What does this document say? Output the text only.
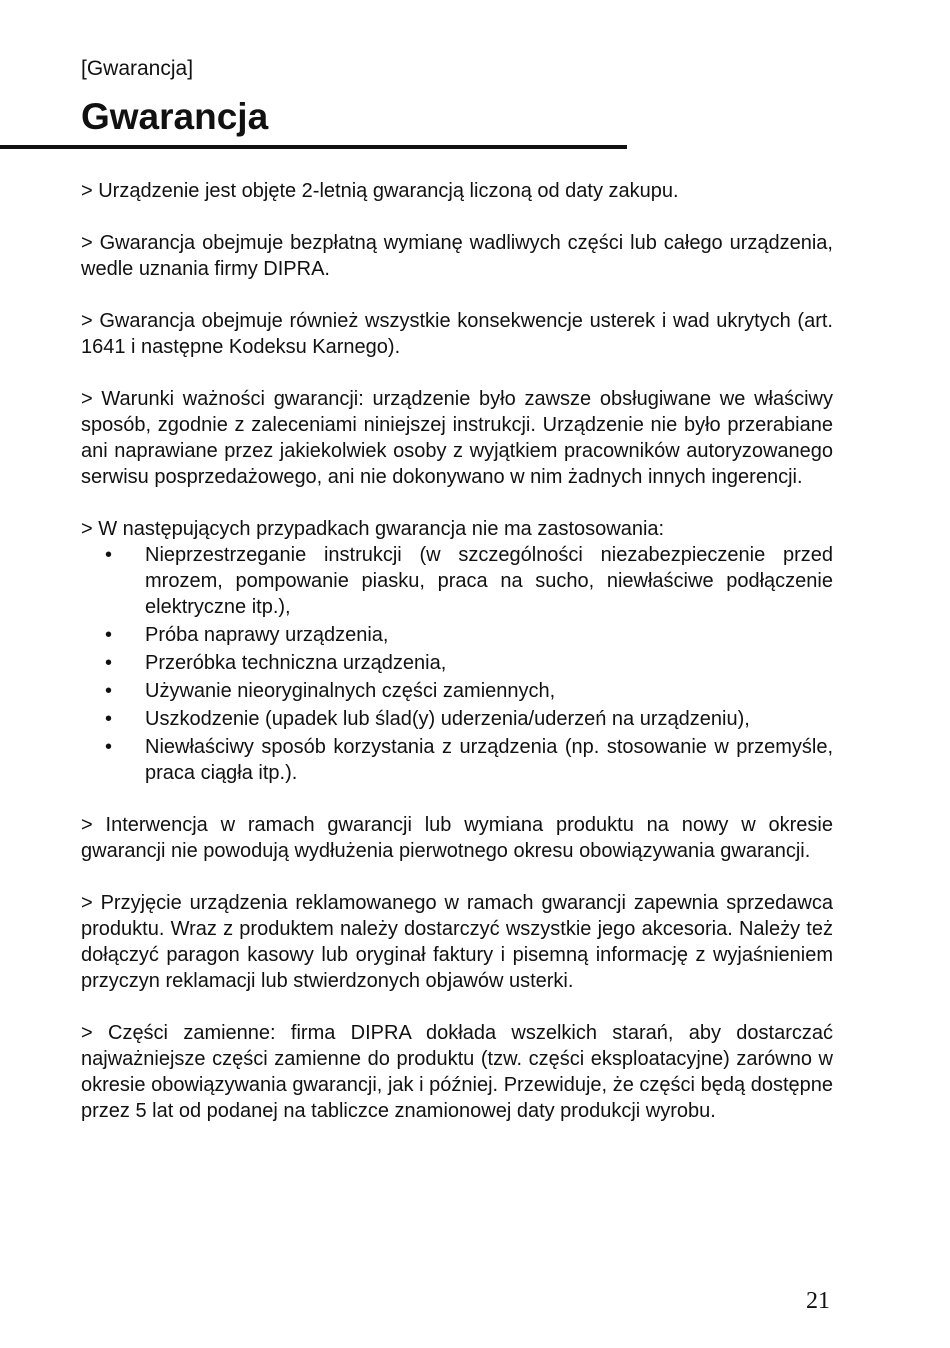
[Gwarancja]
Gwarancja

> Urządzenie jest objęte 2-letnią gwarancją liczoną od daty zakupu.

> Gwarancja obejmuje bezpłatną wymianę wadliwych części lub całego urządzenia, wedle uznania firmy DIPRA.

> Gwarancja obejmuje również wszystkie konsekwencje usterek i wad ukrytych (art. 1641 i następne Kodeksu Karnego).

> Warunki ważności gwarancji: urządzenie było zawsze obsługiwane we właściwy sposób, zgodnie z zaleceniami niniejszej instrukcji. Urządzenie nie było przerabiane ani naprawiane przez jakiekolwiek osoby z wyjątkiem pracowników autoryzowanego serwisu posprzedażowego, ani nie dokonywano w nim żadnych innych ingerencji.

> W następujących przypadkach gwarancja nie ma zastosowania:

•	Nieprzestrzeganie instrukcji (w szczególności niezabezpieczenie przed mrozem, pompowanie piasku, praca na sucho, niewłaściwe podłączenie elektryczne itp.),
•	Próba naprawy urządzenia,
•	Przeróbka techniczna urządzenia,
•	Używanie nieoryginalnych części zamiennych,
•	Uszkodzenie (upadek lub ślad(y) uderzenia/uderzeń na urządzeniu),
•	Niewłaściwy sposób korzystania z urządzenia (np. stosowanie w przemyśle, praca ciągła itp.).

> Interwencja w ramach gwarancji lub wymiana produktu na nowy w okresie gwarancji nie powodują wydłużenia pierwotnego okresu obowiązywania gwarancji.

> Przyjęcie urządzenia reklamowanego w ramach gwarancji zapewnia sprzedawca produktu. Wraz z produktem należy dostarczyć wszystkie jego akcesoria. Należy też dołączyć paragon kasowy lub oryginał faktury i pisemną informację z wyjaśnieniem przyczyn reklamacji lub stwierdzonych objawów usterki.

> Części zamienne: firma DIPRA dokłada wszelkich starań, aby dostarczać najważniejsze części zamienne do produktu (tzw. części eksploatacyjne) zarówno w okresie obowiązywania gwarancji, jak i później. Przewiduje, że części będą dostępne przez 5 lat od podanej na tabliczce znamionowej daty produkcji wyrobu.

21
